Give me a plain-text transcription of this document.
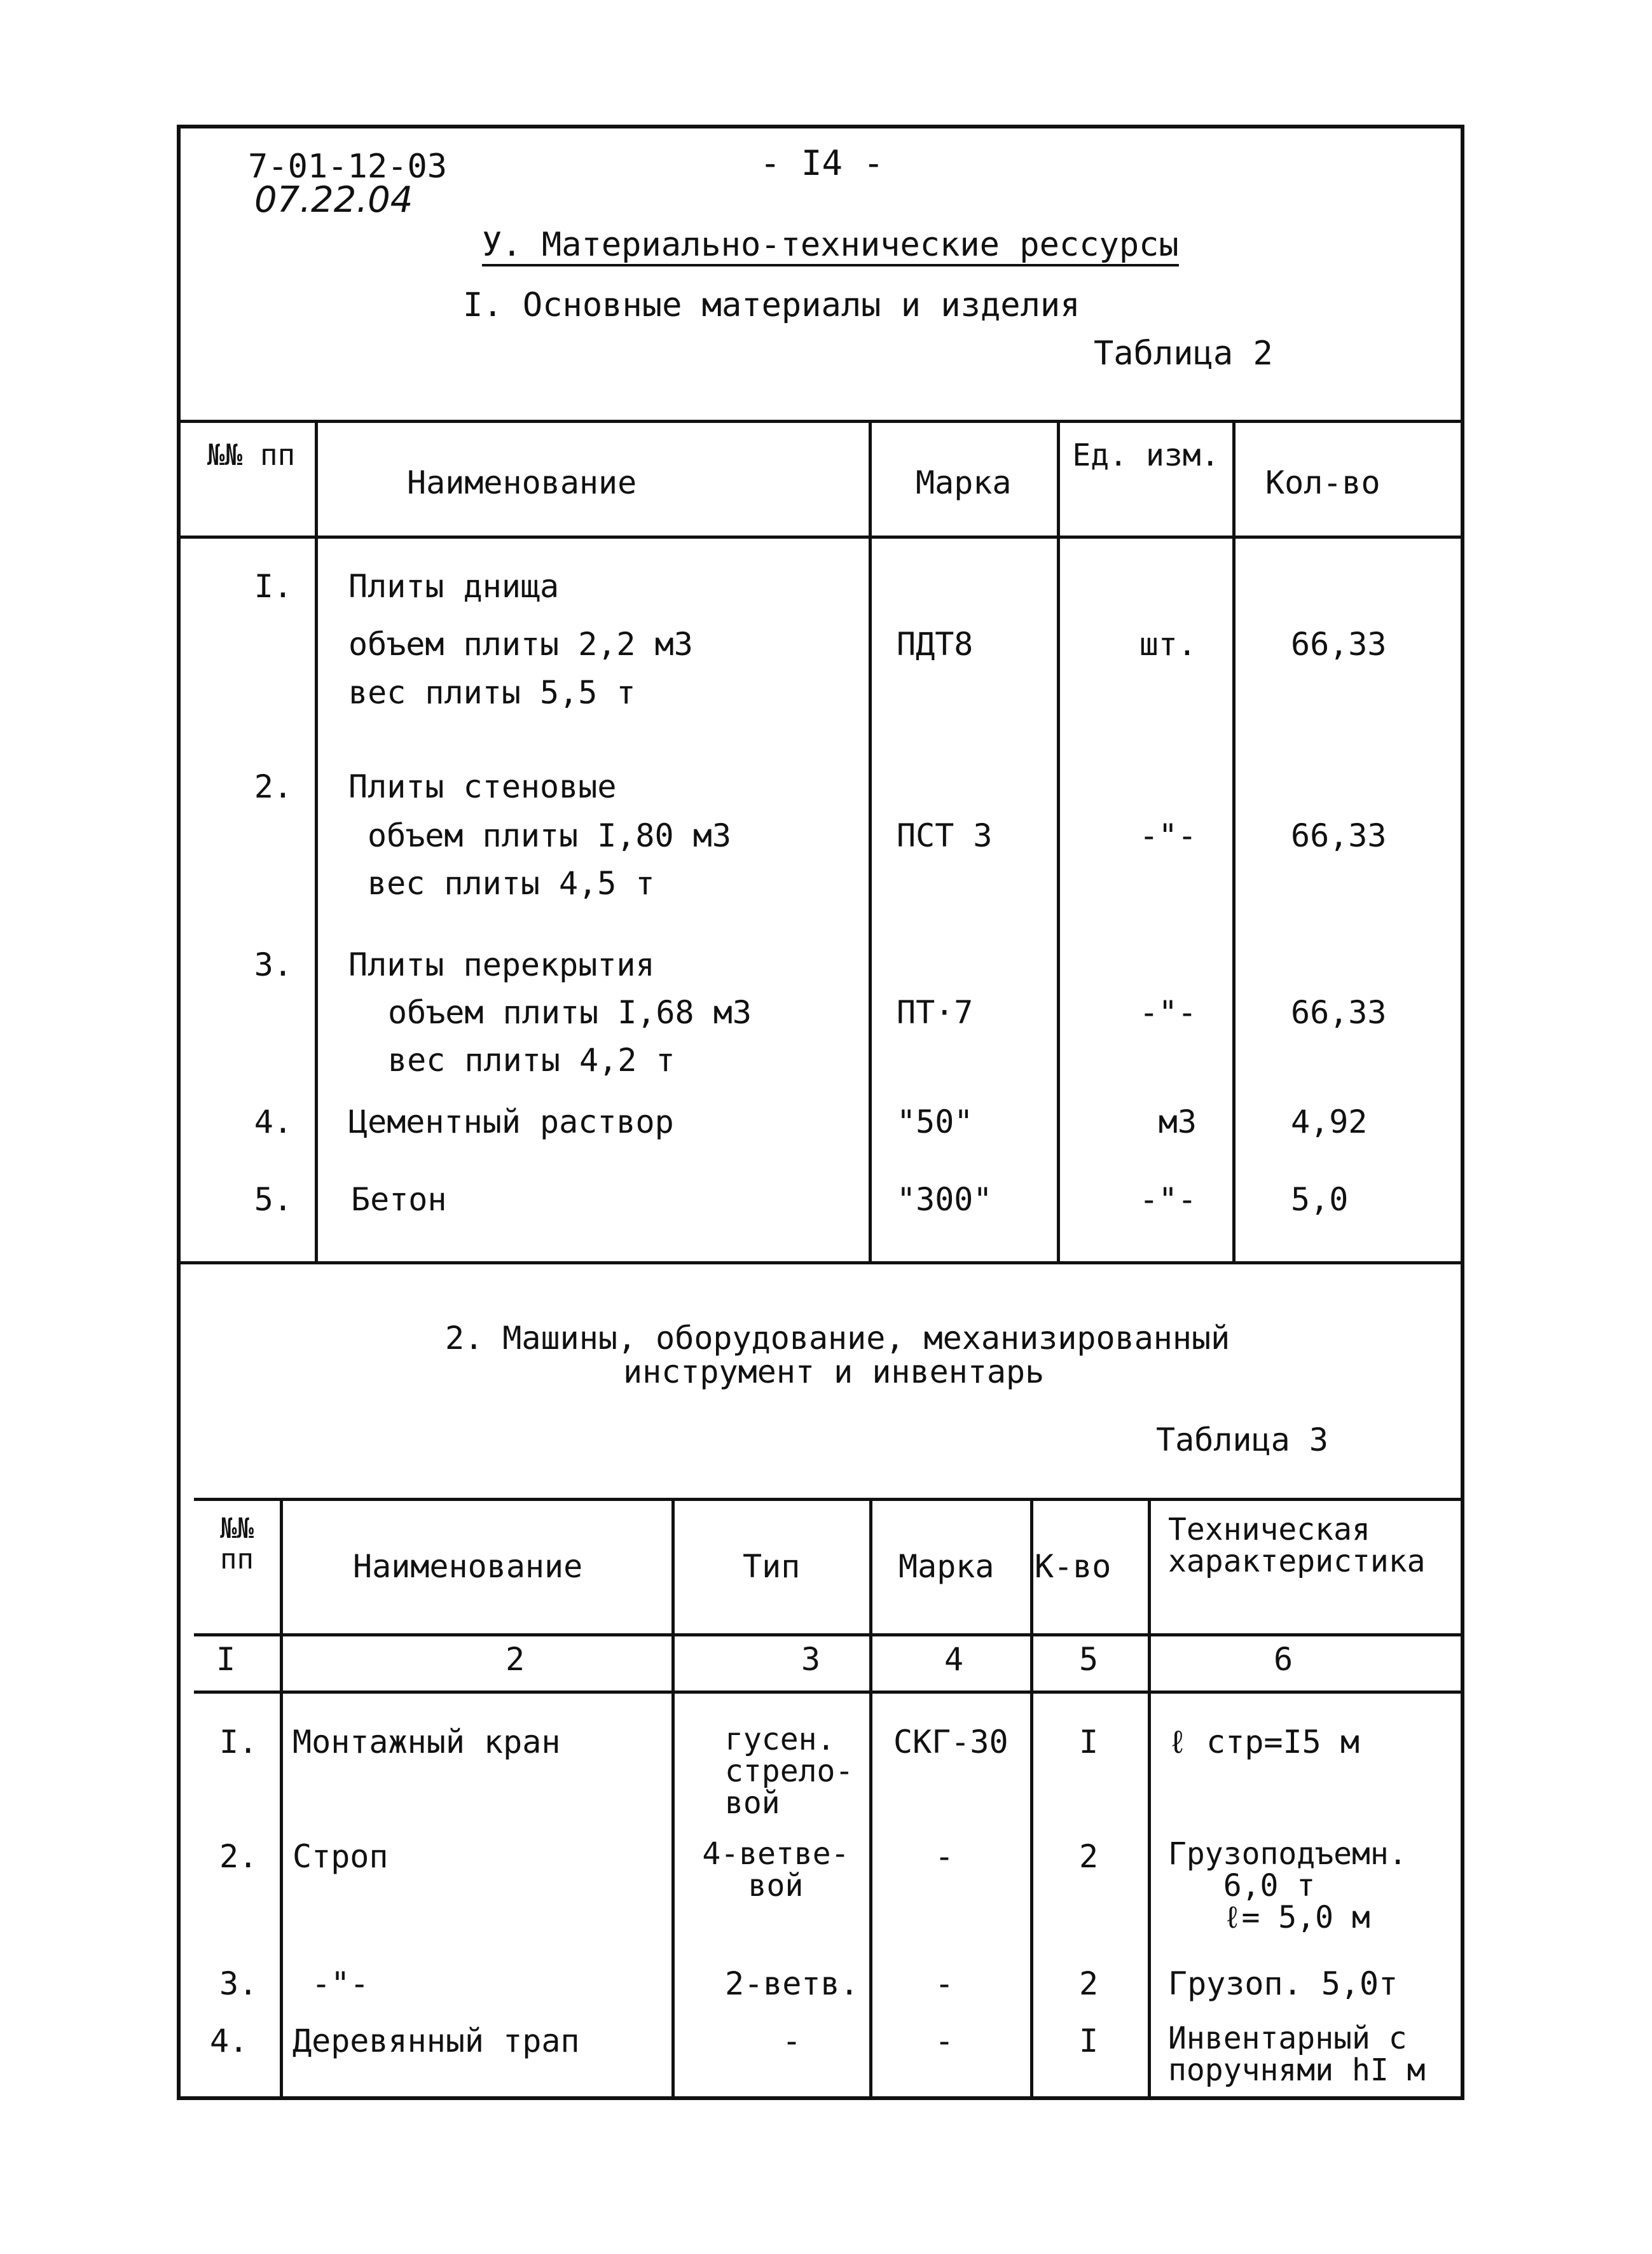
7-01-12-03
07.22.04
- I4 -
У. Материально-технические рессурсы
I. Основные материалы и изделия
Таблица 2
№№ пп
Наименование	Марка
Ед. изм.
Кол-во
I. Плиты днища
объем плиты 2,2 м3
вес плиты 5,5 т
ПДТ8	шт.	66,33
2. Плиты стеновые
объем плиты I,80 м3
вес плиты 4,5 т
ПСТ 3	-"-	66,33
3. Плиты перекрытия
объем плиты I,68 м3
вес плиты 4,2 т
ПТ·7	-"-	66,33
4. Цементный раствор	"50"	м3	4,92
5. Бетон	"300"	-"-	5,0
2. Машины, оборудование, механизированный
инструмент и инвентарь
Таблица 3
№№ пп	Наименование	Тип	Марка К-во
Техническая характеристика
I	2	3	4	5	6
I. Монтажный кран	гусен.
стрело-
вой
СКГ-30 I ℓ стр=I5 м
2. Строп	4-ветве-
вой
-	2 Грузоподъемн.
6,0 т
ℓ= 5,0 м
3. -"-	2-ветв. -	2 Грузоп. 5,0т
4. Деревянный трап	-	-	I Инвентарный с
поручнями hI м
